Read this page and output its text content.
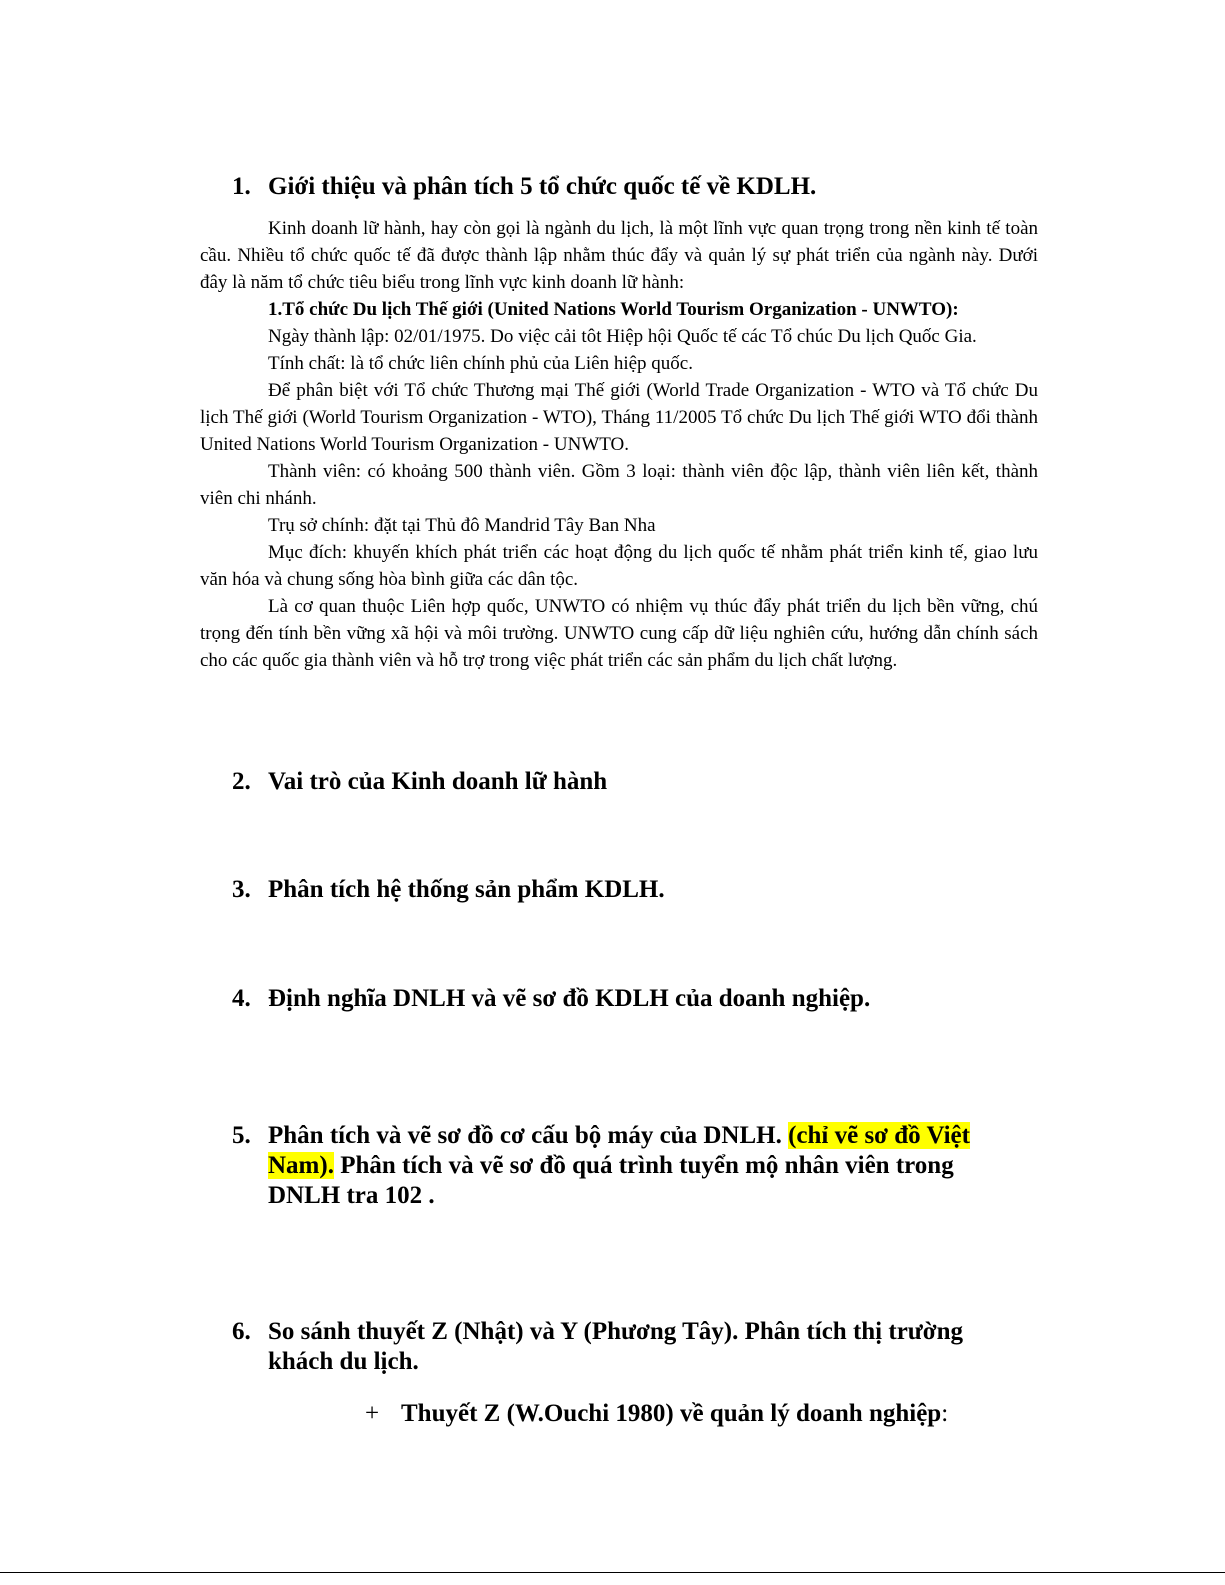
1. Giới thiệu và phân tích 5 tổ chức quốc tế về KDLH.

Kinh doanh lữ hành, hay còn gọi là ngành du lịch, là một lĩnh vực quan trọng trong nền kinh tế toàn cầu. Nhiều tổ chức quốc tế đã được thành lập nhằm thúc đẩy và quản lý sự phát triển của ngành này. Dưới đây là năm tổ chức tiêu biểu trong lĩnh vực kinh doanh lữ hành:

1.Tổ chức Du lịch Thế giới (United Nations World Tourism Organization - UNWTO):

Ngày thành lập: 02/01/1975. Do việc cải tôt Hiệp hội Quốc tế các Tổ chúc Du lịch Quốc Gia.

Tính chất: là tổ chức liên chính phủ của Liên hiệp quốc.

Để phân biệt với Tổ chức Thương mại Thế giới (World Trade Organization - WTO và Tổ chức Du lịch Thế giới (World Tourism Organization - WTO), Tháng 11/2005 Tổ chức Du lịch Thế giới WTO đổi thành United Nations World Tourism Organization - UNWTO.

Thành viên: có khoảng 500 thành viên. Gồm 3 loại: thành viên độc lập, thành viên liên kết, thành viên chi nhánh.

Trụ sở chính: đặt tại Thủ đô Mandrid Tây Ban Nha

Mục đích: khuyến khích phát triển các hoạt động du lịch quốc tế nhằm phát triển kinh tế, giao lưu văn hóa và chung sống hòa bình giữa các dân tộc.

Là cơ quan thuộc Liên hợp quốc, UNWTO có nhiệm vụ thúc đẩy phát triển du lịch bền vững, chú trọng đến tính bền vững xã hội và môi trường. UNWTO cung cấp dữ liệu nghiên cứu, hướng dẫn chính sách cho các quốc gia thành viên và hỗ trợ trong việc phát triển các sản phẩm du lịch chất lượng.

2. Vai trò của Kinh doanh lữ hành
3. Phân tích hệ thống sản phẩm KDLH.
4. Định nghĩa DNLH và vẽ sơ đồ KDLH của doanh nghiệp.
5. Phân tích và vẽ sơ đồ cơ cấu bộ máy của DNLH. (chỉ vẽ sơ đồ Việt Nam). Phân tích và vẽ sơ đồ quá trình tuyển mộ nhân viên trong DNLH tra 102 .
6. So sánh thuyết Z (Nhật) và Y (Phương Tây). Phân tích thị trường khách du lịch.
+ Thuyết Z (W.Ouchi 1980) về quản lý doanh nghiệp:
